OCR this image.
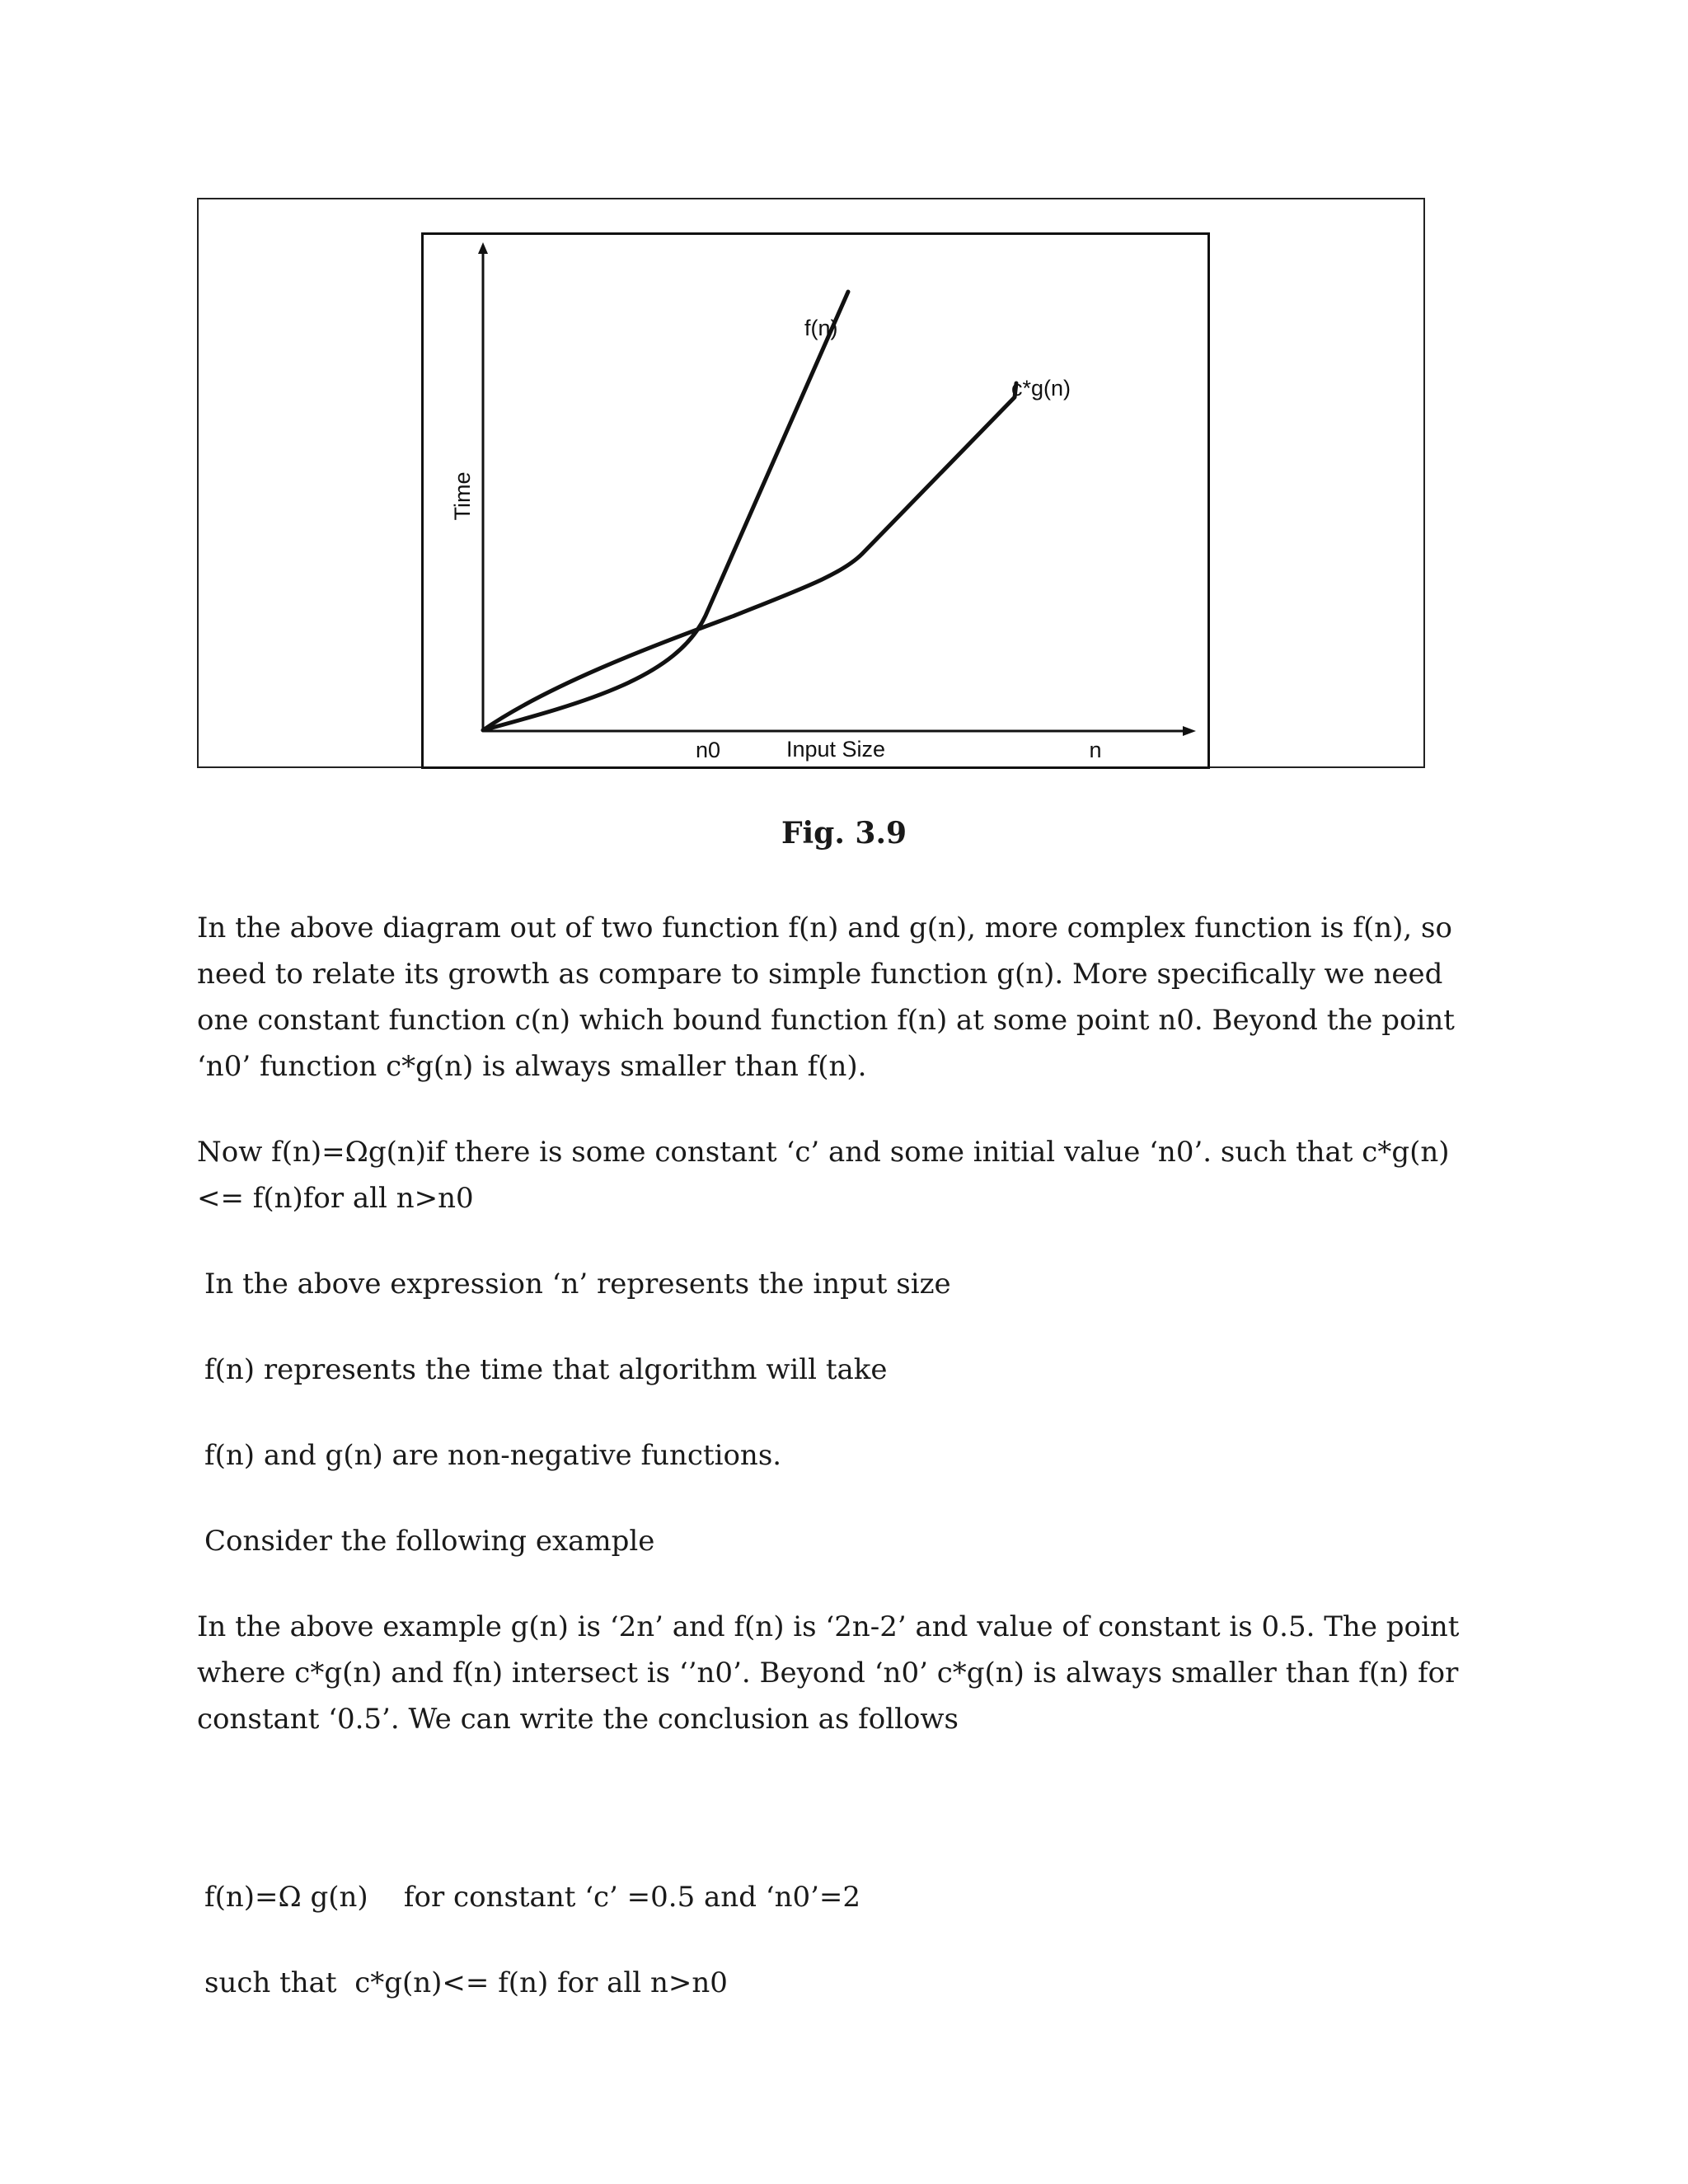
f(n)
c*g(n)
Time
n0	Input Size	n
Fig. 3.9

In the above diagram out of two function f(n) and g(n), more complex function is f(n), so
need to relate its growth as compare to simple function g(n). More specifically we need
one constant function c(n) which bound function f(n) at some point n0. Beyond the point
‘n0’ function c*g(n) is always smaller than f(n).

Now f(n)=Ωg(n)if there is some constant ‘c’ and some initial value ‘n0’. such that c*g(n)
<= f(n)for all n>n0

In the above expression ‘n’ represents the input size

f(n) represents the time that algorithm will take

f(n) and g(n) are non-negative functions.

Consider the following example

In the above example g(n) is ‘2n’ and f(n) is ‘2n-2’ and value of constant is 0.5. The point
where c*g(n) and f(n) intersect is ‘’n0’. Beyond ‘n0’ c*g(n) is always smaller than f(n) for
constant ‘0.5’. We can write the conclusion as follows

f(n)=Ω g(n)    for constant ‘c’ =0.5 and ‘n0’=2

such that  c*g(n)<= f(n) for all n>n0
